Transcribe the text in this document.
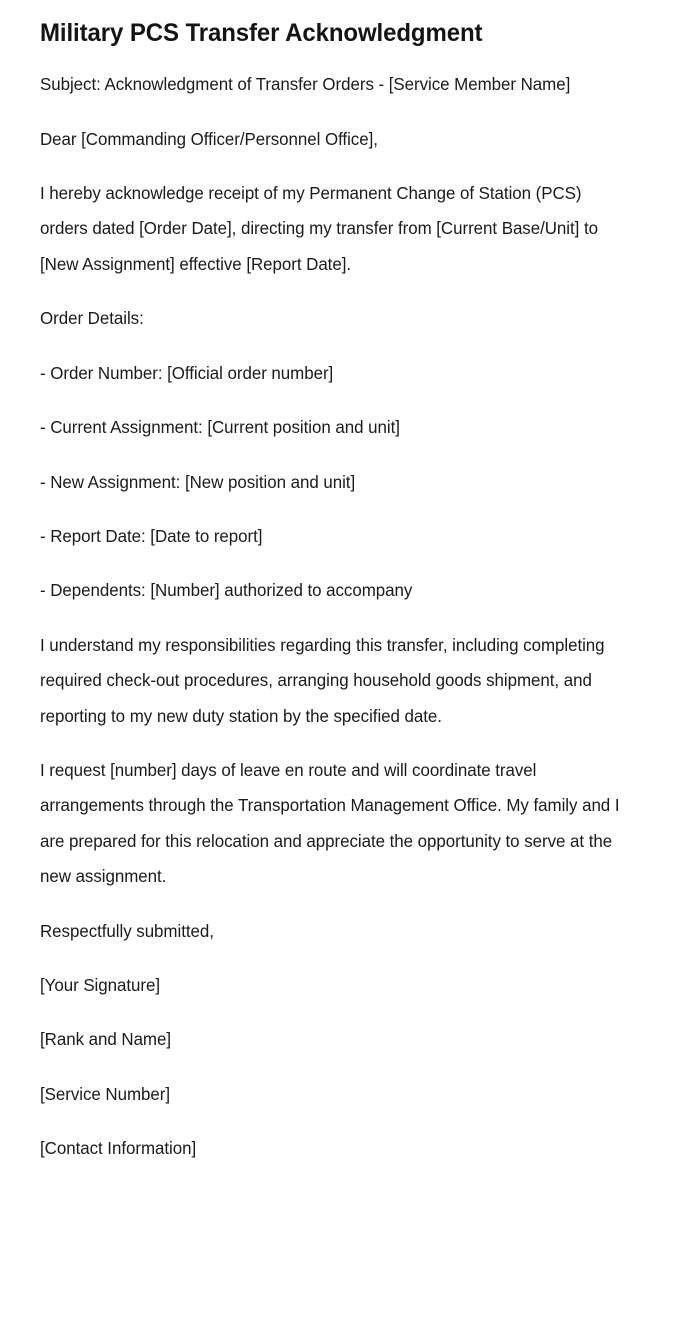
Military PCS Transfer Acknowledgment

Subject: Acknowledgment of Transfer Orders - [Service Member Name]

Dear [Commanding Officer/Personnel Office],

I hereby acknowledge receipt of my Permanent Change of Station (PCS) orders dated [Order Date], directing my transfer from [Current Base/Unit] to [New Assignment] effective [Report Date].

Order Details:

- Order Number: [Official order number]

- Current Assignment: [Current position and unit]

- New Assignment: [New position and unit]

- Report Date: [Date to report]

- Dependents: [Number] authorized to accompany

I understand my responsibilities regarding this transfer, including completing required check-out procedures, arranging household goods shipment, and reporting to my new duty station by the specified date.

I request [number] days of leave en route and will coordinate travel arrangements through the Transportation Management Office. My family and I are prepared for this relocation and appreciate the opportunity to serve at the new assignment.

Respectfully submitted,

[Your Signature]

[Rank and Name]

[Service Number]

[Contact Information]
